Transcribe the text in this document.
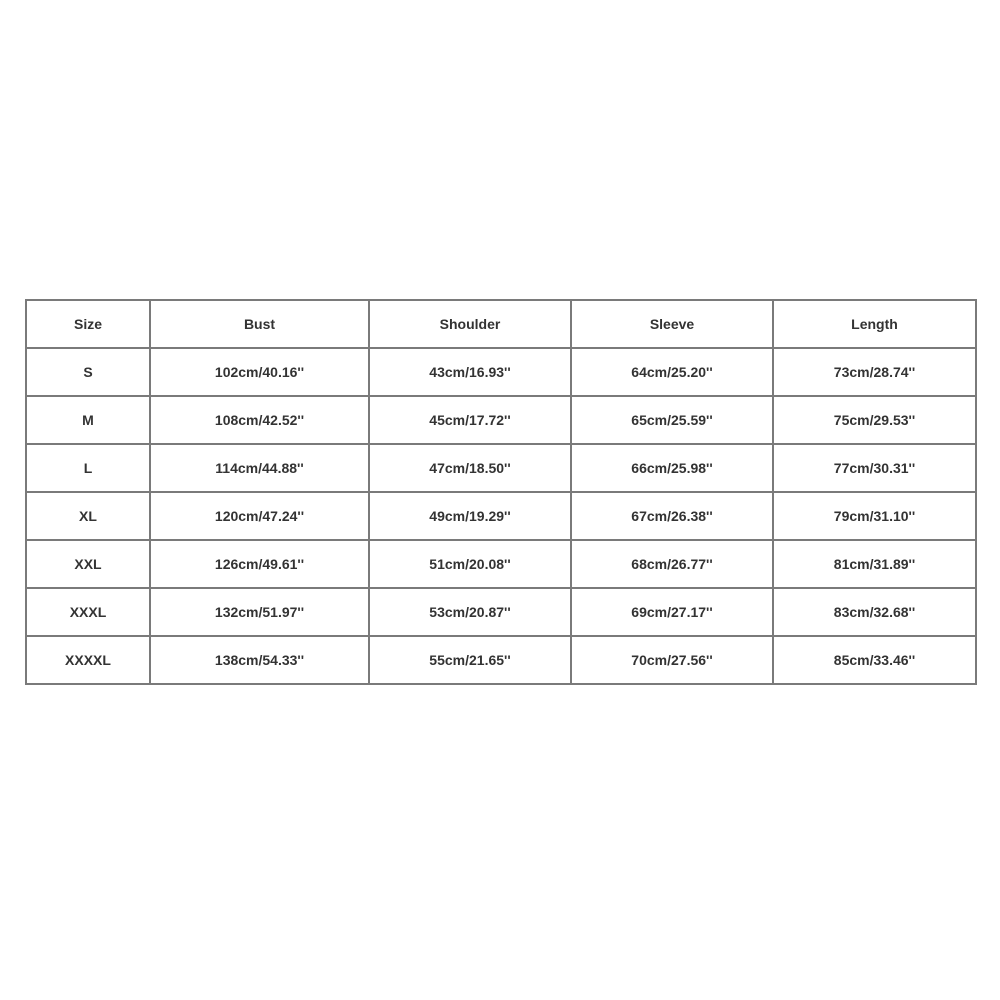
Size	Bust	Shoulder	Sleeve	Length
S	102cm/40.16''	43cm/16.93''	64cm/25.20''	73cm/28.74''
M	108cm/42.52''	45cm/17.72''	65cm/25.59''	75cm/29.53''
L	114cm/44.88''	47cm/18.50''	66cm/25.98''	77cm/30.31''
XL	120cm/47.24''	49cm/19.29''	67cm/26.38''	79cm/31.10''
XXL	126cm/49.61''	51cm/20.08''	68cm/26.77''	81cm/31.89''
XXXL	132cm/51.97''	53cm/20.87''	69cm/27.17''	83cm/32.68''
XXXXL	138cm/54.33''	55cm/21.65''	70cm/27.56''	85cm/33.46''
